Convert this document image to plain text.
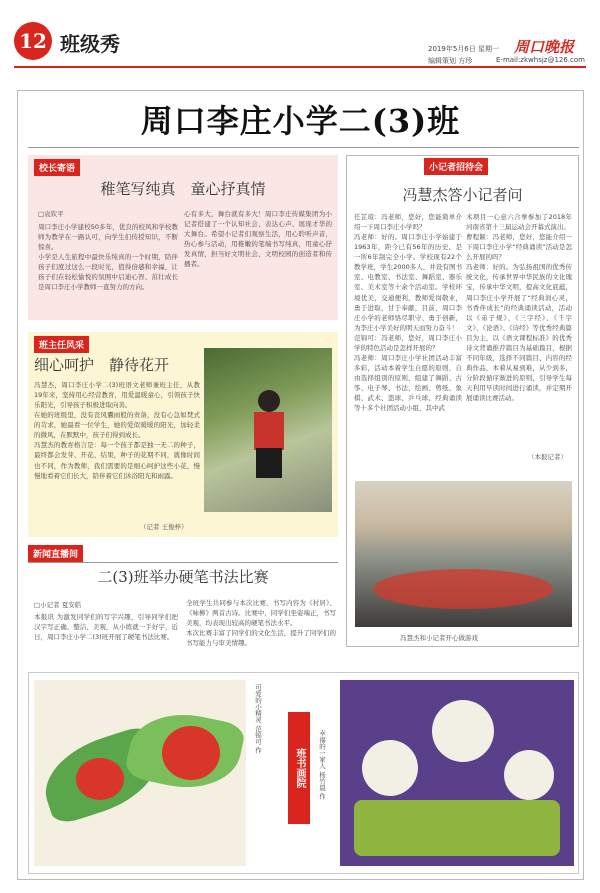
12 班级秀	2019年5月6日 星期一
编辑策划 方珍	E-mail:zkwhsjz@126.com
周口晚报
周口李庄小学二(3)班
校长寄语
稚笔写纯真　童心抒真情
□袁钦平

周口李庄小学建校50多年，优良的校风和学校教师为教学在一路认可，向学生们传授知识，不断惊喜。

小学是人生旅程中最快乐纯真的一个时期，陪伴孩子们度过这么一段时光，值得倍感和幸福，让孩子们在轻松愉悦的氛围中启迪心智、茁壮成长是周口李庄小学教师一直努力的方向。

心有多大，舞台就有多大！周口李庄传媒集团为小记者搭建了一个认知社会、表达心声、展现才华的大舞台。希望小记者们观察生活，用心聆听声音，热心参与活动，用稚嫩的笔端书写纯真，用童心抒发真情，担当好文明社会、文明校园的创造者和传播者。

班主任风采
细心呵护　静待花开

冯慧杰，周口李庄小学二(3)班语文老师兼班主任，从教19年来，坚持用心经营教育，用爱温暖童心，引领孩子快乐阳光，引导孩子积极进取向善。

在她的班级里，没有丧风囊雨般的责备，没有心急如焚式的苛求，她最看一位学生，她的爱似暖暖的阳光，加轻柔的微风，在默默中，孩子们得到成长。

冯慧杰的教育格言是：每一个孩子都是独一无二的种子，最终都会发芽、开花、结果，种子的花期不同，就像时间也不同，作为教师，我们需要的是细心呵护这些小花，慢慢地看着它们长大，陪伴着它们沐浴阳光和雨露。

（记者 王俊梓）
小记者招待会
冯慧杰答小记者问
任芷瑄：冯老师，您好，您能简单介绍一下周口李庄小学吗？
冯老师：好的。周口李庄小学始建于1963年，距今已有56年的历史，是一所6年制完全小学。学校现有22个教学班，学生2000多人，并设有图书室、电教室、书法室、舞蹈室、器乐室、美术室等十余个活动室。学校环境优美，交通便利，教师爱岗敬业，勇于进取，甘于奉献，目前，周口李庄小学的老师恪尽职守、勇于创新，为李庄小学美好的明天而努力奋斗！
范锦可：冯老师，您好，周口李庄小学的特色活动是怎样开展的？
冯老师：周口李庄小学社团活动丰富多彩，活动本着学生自愿的原则，自由选择组别的原则，组建了舞蹈、古筝、电子琴、书法、绘画、剪纸、象棋、武术、篮球、乒乓球、经典诵读等十多个社团活动小组，其中武
术项目一心意六合拳参加了2018年河南省第十三届运动会开幕式演出。
曹程颖：冯老师，您好，您能介绍一下周口李庄小学“经典诵读”活动是怎么开展的吗？
冯老师：好的。为弘扬祖国的优秀传统文化，传承世界中华民族的文化瑰宝，传承中华文明，提高文化底蕴，周口李庄小学开展了“经典润心灵，书香伴成长”的经典诵读活动，活动以《弟子规》、《三字经》、《千字文》、《论语》、《诗经》等优秀经典篇目为主，以《语文课程标准》的优秀诗文背诵推荐篇目为基础篇目，根据不同年级，选择不同篇目、内容的经典作品，本着从易到难，从少到多，分阶段循序渐进的原则，引导学生每天利用早读时间进行诵读，并定期开展诵读比赛活动。
（本报记者）
冯慧杰和小记者开心做游戏
新闻直播间
二(3)班举办硬笔书法比赛
□小记者 夏安皓
本报讯 为激发同学们的写字兴趣，引导同学们把汉字写正确、整洁、美观，从小练就一手好字，近日，周口李庄小学二(3)班开展了硬笔书法比赛。
全班学生共同参与本次比赛，书写内容为《村居》、《咏柳》两首古诗。比赛中，同学们坐姿端正，书写美观，均表现出较高的硬笔书法水平。
本次比赛丰富了同学们的文化生活，提升了同学们的书写能力与审美情趣。
可爱的小精灵 范锦可 作
班书画院	幸福的一家人 杨竹晨 作
